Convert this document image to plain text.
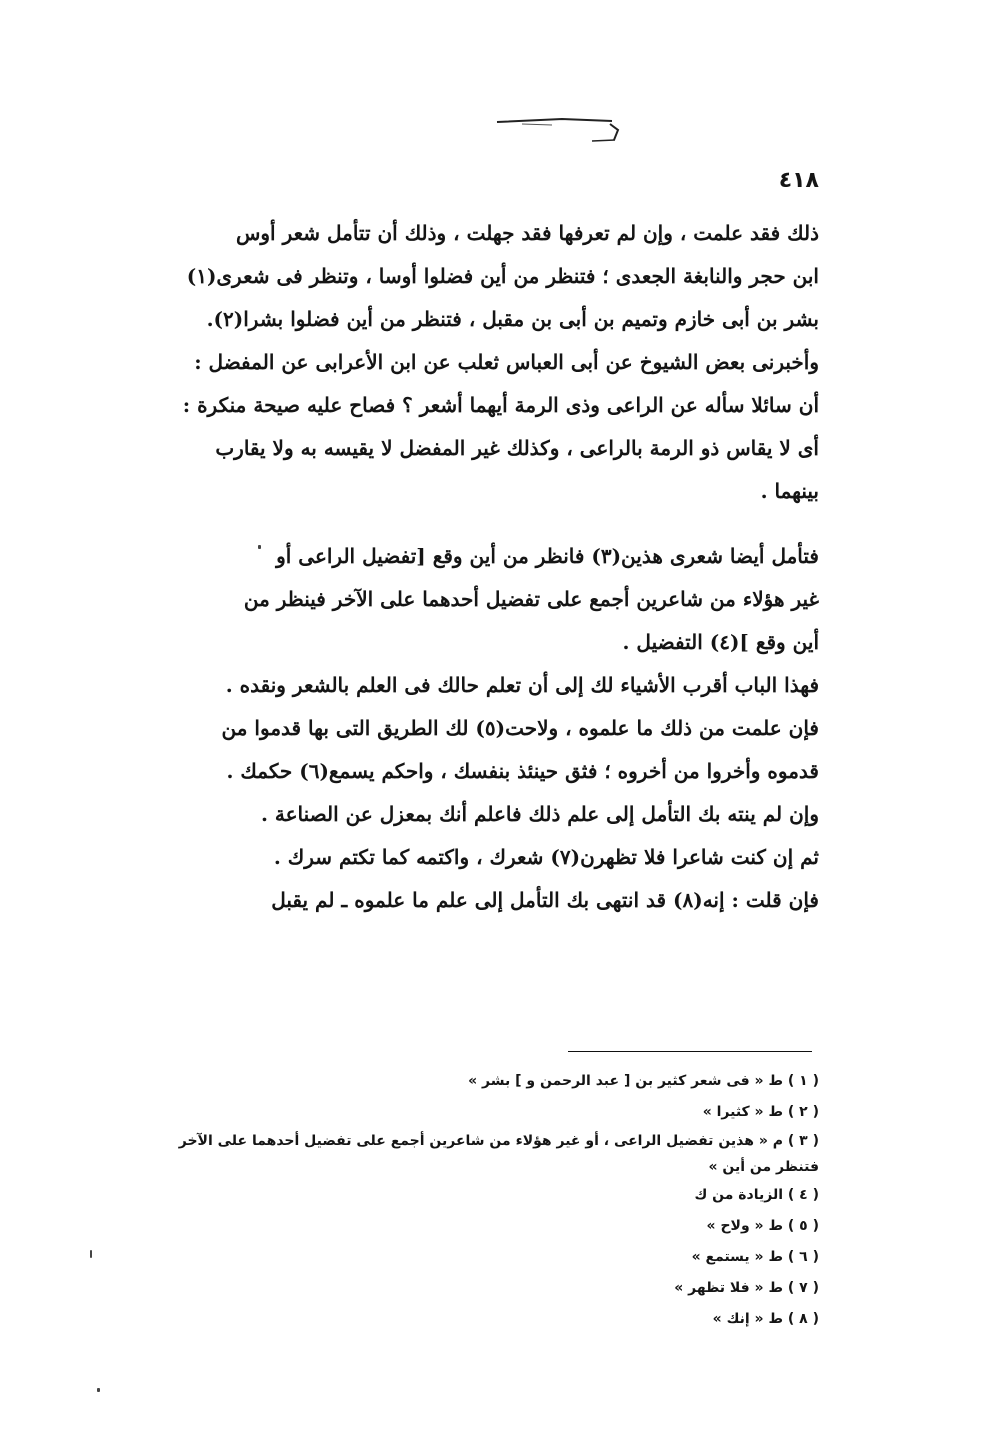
٤١٨

ذلك فقد علمت ، وإن لم تعرفها فقد جهلت ، وذلك أن تتأمل شعر أوس
ابن حجر والنابغة الجعدى ؛ فتنظر من أين فضلوا أوسا ، وتنظر فى شعرى(١)
بشر بن أبى خازم وتميم بن أبى بن مقبل ، فتنظر من أين فضلوا بشرا(٢).

وأخبرنى بعض الشيوخ عن أبى العباس ثعلب عن ابن الأعرابى عن المفضل :
أن سائلا سأله عن الراعى وذى الرمة أيهما أشعر ؟ فصاح عليه صيحة منكرة :
أى لا يقاس ذو الرمة بالراعى ، وكذلك غير المفضل لا يقيسه به ولا يقارب
بينهما .

فتأمل أيضا شعرى هذين(٣) فانظر من أين وقع [تفضيل الراعى أو
غير هؤلاء من شاعرين أجمع على تفضيل أحدهما على الآخر فينظر من
أين وقع ](٤) التفضيل .

فهذا الباب أقرب الأشياء لك إلى أن تعلم حالك فى العلم بالشعر ونقده .

فإن علمت من ذلك ما علموه ، ولاحت(٥) لك الطريق التى بها قدموا من
قدموه وأخروا من أخروه ؛ فثق حينئذ بنفسك ، واحكم يسمع(٦) حكمك .

وإن لم ينته بك التأمل إلى علم ذلك فاعلم أنك بمعزل عن الصناعة .

ثم إن كنت شاعرا فلا تظهرن(٧) شعرك ، واكتمه كما تكتم سرك .

فإن قلت : إنه(٨) قد انتهى بك التأمل إلى علم ما علموه ـ لم يقبل

( ١ ) ط « فى شعر كثير بن [ عبد الرحمن و ] بشر »
( ٢ ) ط « كثيرا »
( ٣ ) م « هذين تفضيل الراعى ، أو غير هؤلاء من شاعرين أجمع على تفضيل أحدهما على الآخر
فتنظر من أين »
( ٤ ) الزيادة من ك
( ٥ ) ط « ولاح »
( ٦ ) ط « يستمع »
( ٧ ) ط « فلا تظهر »
( ٨ ) ط « إنك »
